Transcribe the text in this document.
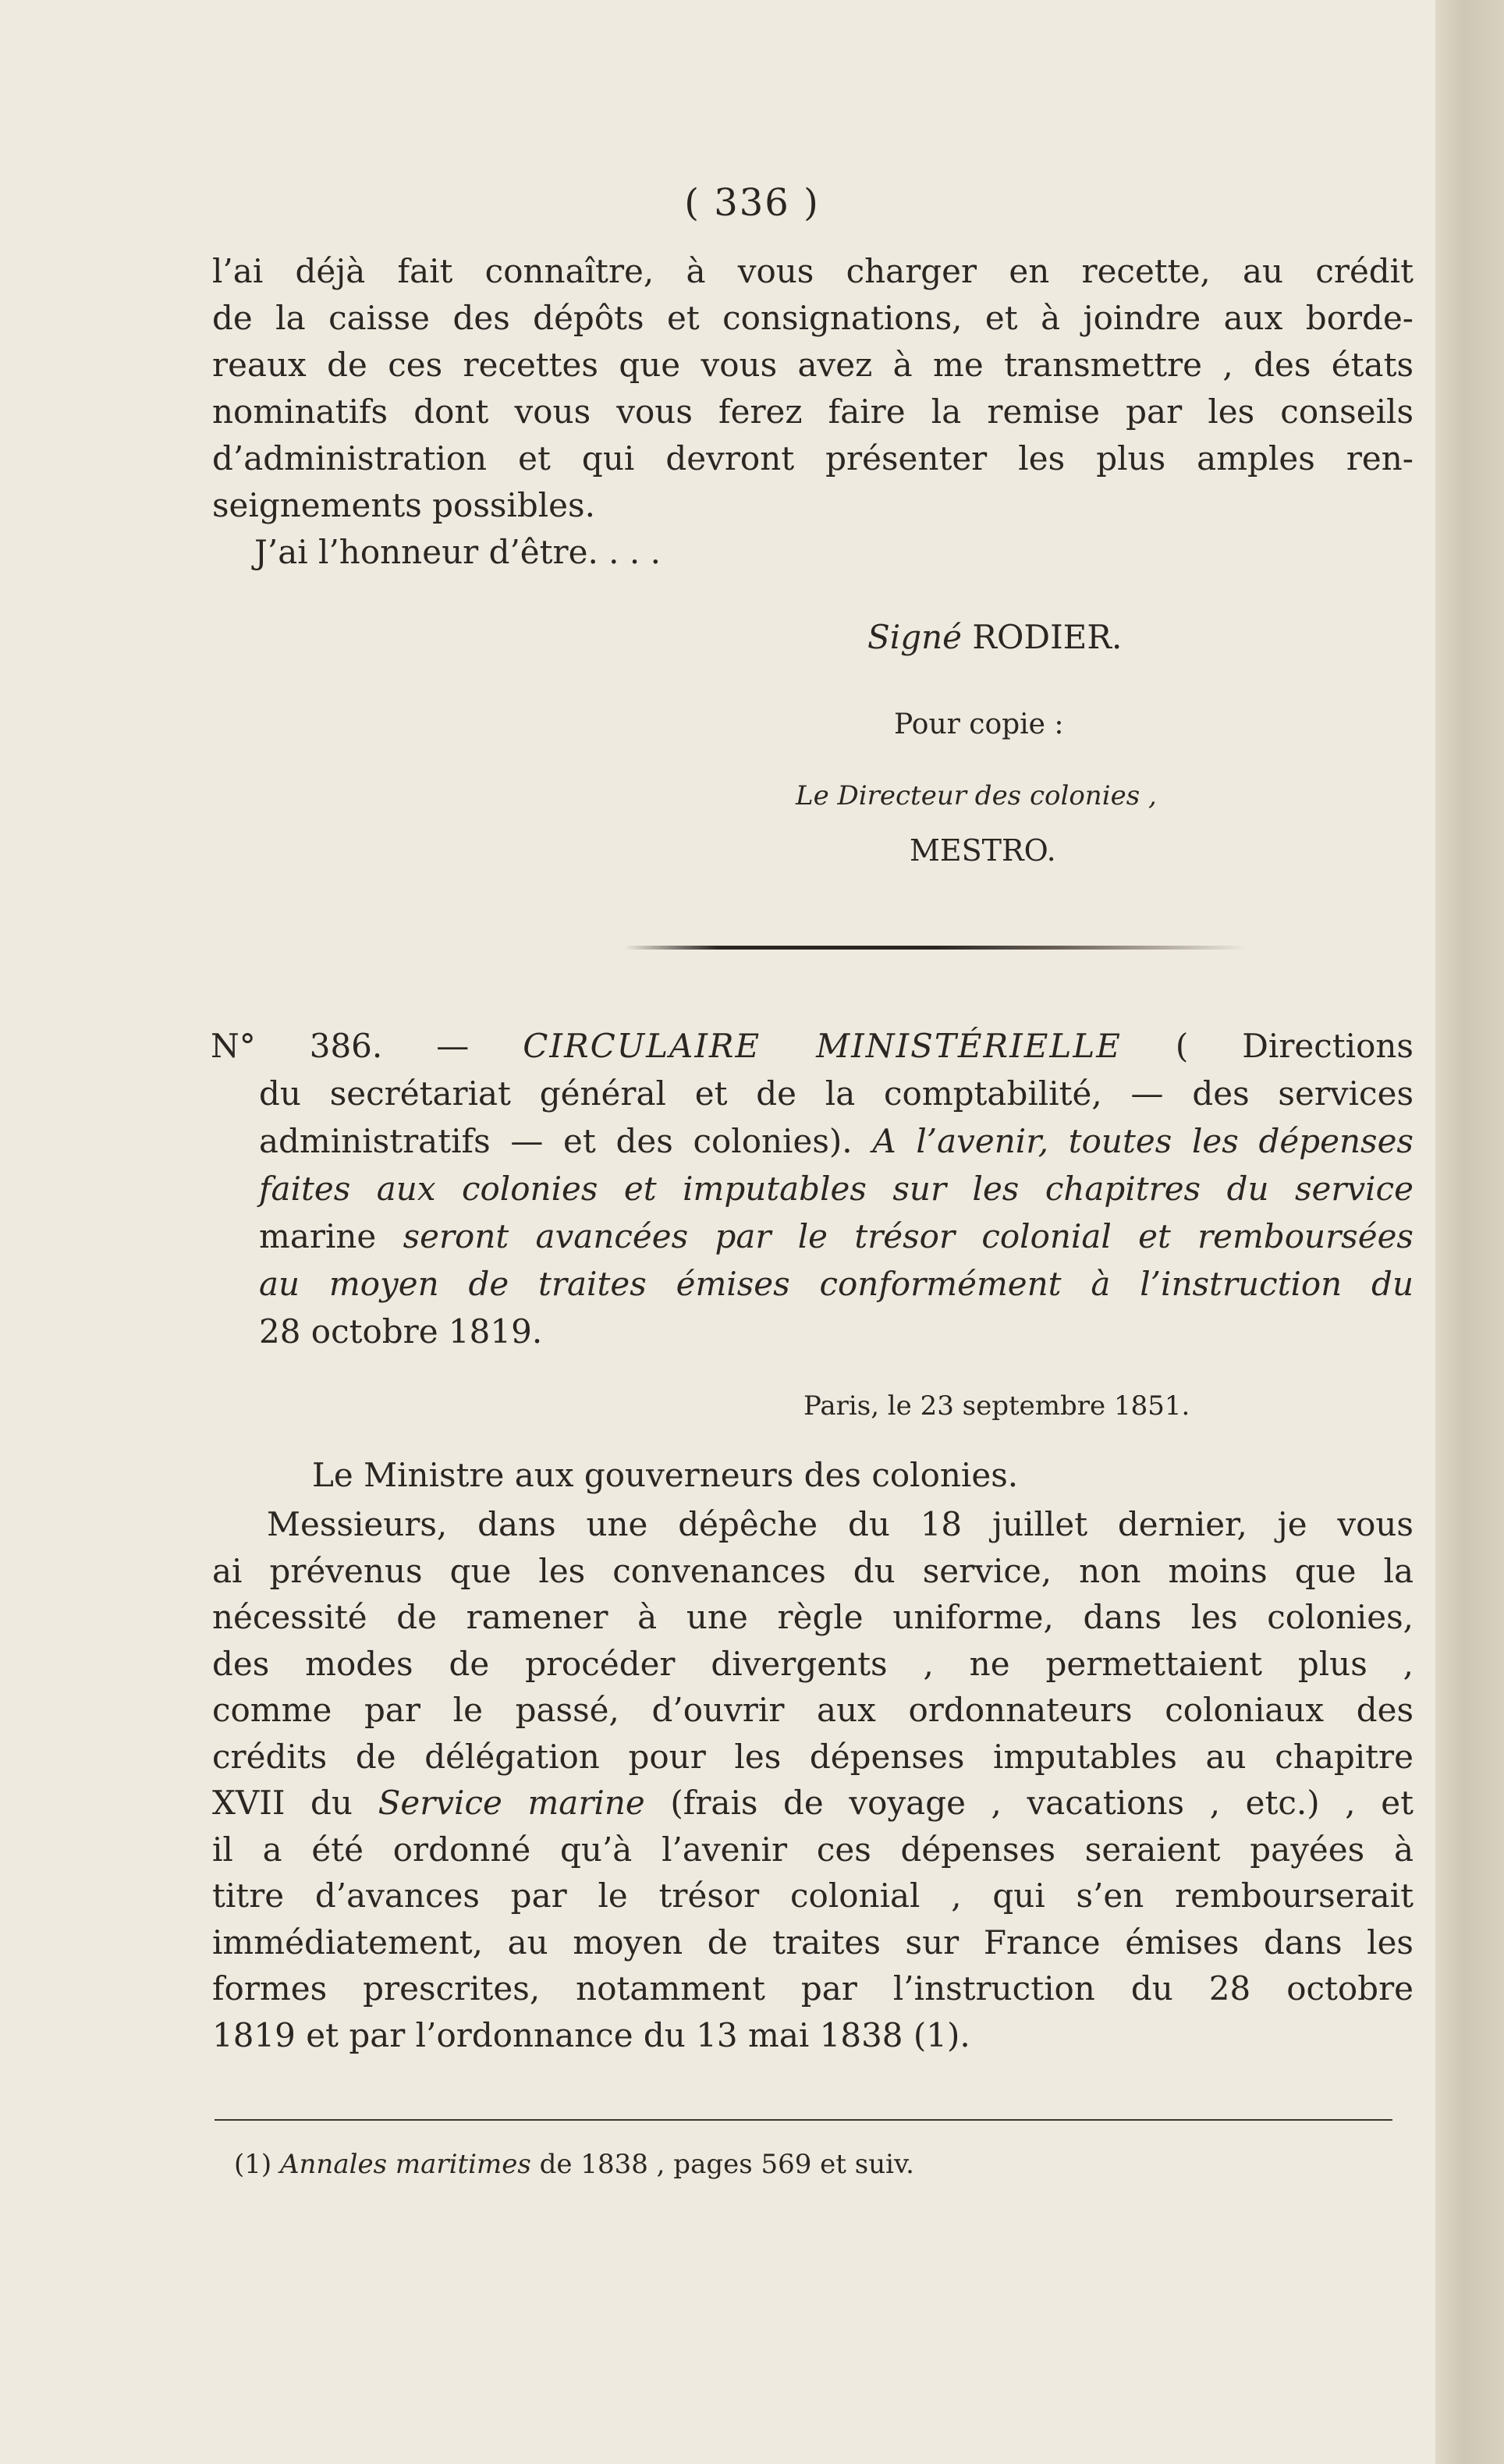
( 336 )

l’ai déjà fait connaître, à vous charger en recette, au crédit
de la caisse des dépôts et consignations, et à joindre aux borde-
reaux de ces recettes que vous avez à me transmettre , des états
nominatifs dont vous vous ferez faire la remise par les conseils
d’administration et qui devront présenter les plus amples ren-
seignements possibles.
J’ai l’honneur d’être. . . .

Signé RODIER.
Pour copie :
Le Directeur des colonies ,
MESTRO.

N° 386. — CIRCULAIRE MINISTÉRIELLE ( Directions
du secrétariat général et de la comptabilité, — des services
administratifs — et des colonies). A l’avenir, toutes les dépenses
faites aux colonies et imputables sur les chapitres du service
marine seront avancées par le trésor colonial et remboursées
au moyen de traites émises conformément à l’instruction du
28 octobre 1819.

Paris, le 23 septembre 1851.
Le Ministre aux gouverneurs des colonies.

Messieurs, dans une dépêche du 18 juillet dernier, je vous
ai prévenus que les convenances du service, non moins que la
nécessité de ramener à une règle uniforme, dans les colonies,
des modes de procéder divergents , ne permettaient plus ,
comme par le passé, d’ouvrir aux ordonnateurs coloniaux des
crédits de délégation pour les dépenses imputables au chapitre
XVII du Service marine (frais de voyage , vacations , etc.) , et
il a été ordonné qu’à l’avenir ces dépenses seraient payées à
titre d’avances par le trésor colonial , qui s’en rembourserait
immédiatement, au moyen de traites sur France émises dans les
formes prescrites, notamment par l’instruction du 28 octobre
1819 et par l’ordonnance du 13 mai 1838 (1).

(1) Annales maritimes de 1838 , pages 569 et suiv.
